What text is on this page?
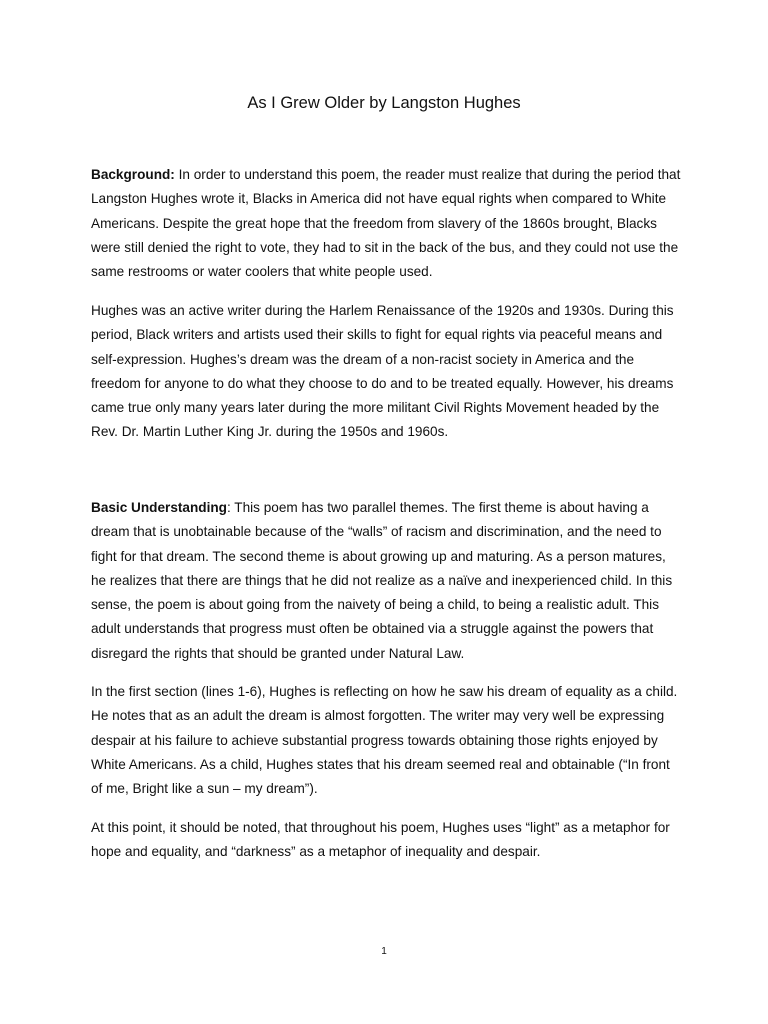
As I Grew Older by Langston Hughes

Background: In order to understand this poem, the reader must realize that during the period that Langston Hughes wrote it, Blacks in America did not have equal rights when compared to White Americans. Despite the great hope that the freedom from slavery of the 1860s brought, Blacks were still denied the right to vote, they had to sit in the back of the bus, and they could not use the same restrooms or water coolers that white people used.

Hughes was an active writer during the Harlem Renaissance of the 1920s and 1930s. During this period, Black writers and artists used their skills to fight for equal rights via peaceful means and self-expression. Hughes’s dream was the dream of a non-racist society in America and the freedom for anyone to do what they choose to do and to be treated equally. However, his dreams came true only many years later during the more militant Civil Rights Movement headed by the Rev. Dr. Martin Luther King Jr. during the 1950s and 1960s.

Basic Understanding: This poem has two parallel themes. The first theme is about having a dream that is unobtainable because of the “walls” of racism and discrimination, and the need to fight for that dream. The second theme is about growing up and maturing. As a person matures, he realizes that there are things that he did not realize as a naïve and inexperienced child. In this sense, the poem is about going from the naivety of being a child, to being a realistic adult. This adult understands that progress must often be obtained via a struggle against the powers that disregard the rights that should be granted under Natural Law.

In the first section (lines 1-6), Hughes is reflecting on how he saw his dream of equality as a child. He notes that as an adult the dream is almost forgotten. The writer may very well be expressing despair at his failure to achieve substantial progress towards obtaining those rights enjoyed by White Americans. As a child, Hughes states that his dream seemed real and obtainable (“In front of me, Bright like a sun – my dream”).

At this point, it should be noted, that throughout his poem, Hughes uses “light” as a metaphor for hope and equality, and “darkness” as a metaphor of inequality and despair.

1
